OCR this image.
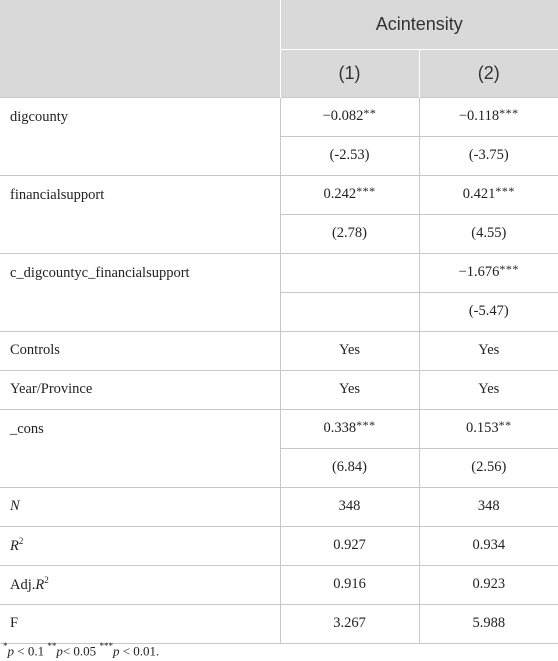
	Acintensity	
	(1)	(2)
digcounty	−0.082**	−0.118***
	(-2.53)	(-3.75)
financialsupport	0.242***	0.421***
	(2.78)	(4.55)
c_digcountyc_financialsupport		−1.676***
		(-5.47)
Controls	Yes	Yes
Year/Province	Yes	Yes
_cons	0.338***	0.153**
	(6.84)	(2.56)
N	348	348
$R^2$	0.927	0.934
$Adj.R^2$	0.916	0.923
F	3.267	5.988
*p < 0.1 **p< 0.05 ***p < 0.01.
